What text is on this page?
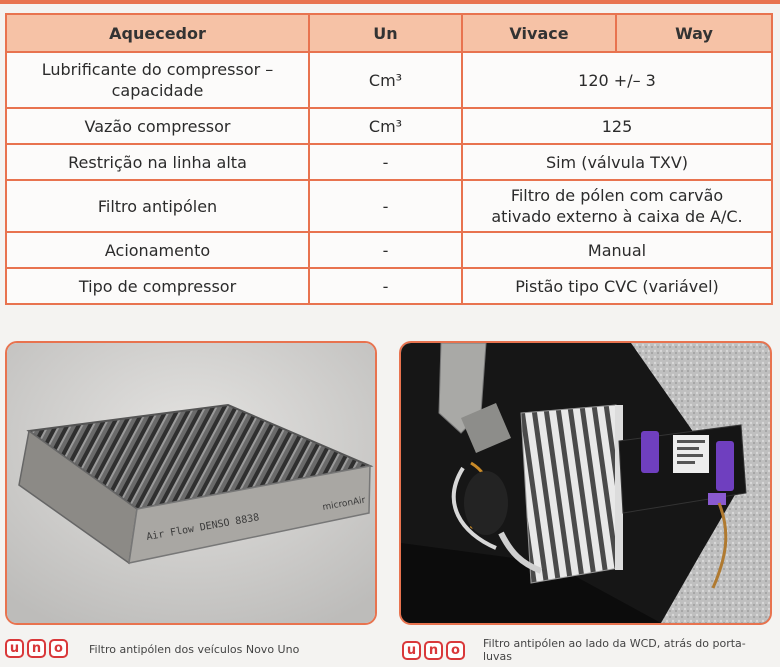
Aquecedor	Un	Vivace	Way
Lubrificante do compressor – capacidade	Cm³	120 +/– 3	
Vazão compressor	Cm³	125	
Restrição na linha alta	-	Sim (válvula TXV)	
Filtro antipólen	-	Filtro de pólen com carvão ativado externo à caixa de A/C.	
Acionamento	-	Manual	
Tipo de compressor	-	Pistão tipo CVC (variável)	
Air Flow DENSO 8838
micronAir
u n o	Filtro antipólen dos veículos Novo Uno	u n o	Filtro antipólen ao lado da WCD, atrás do porta-luvas
